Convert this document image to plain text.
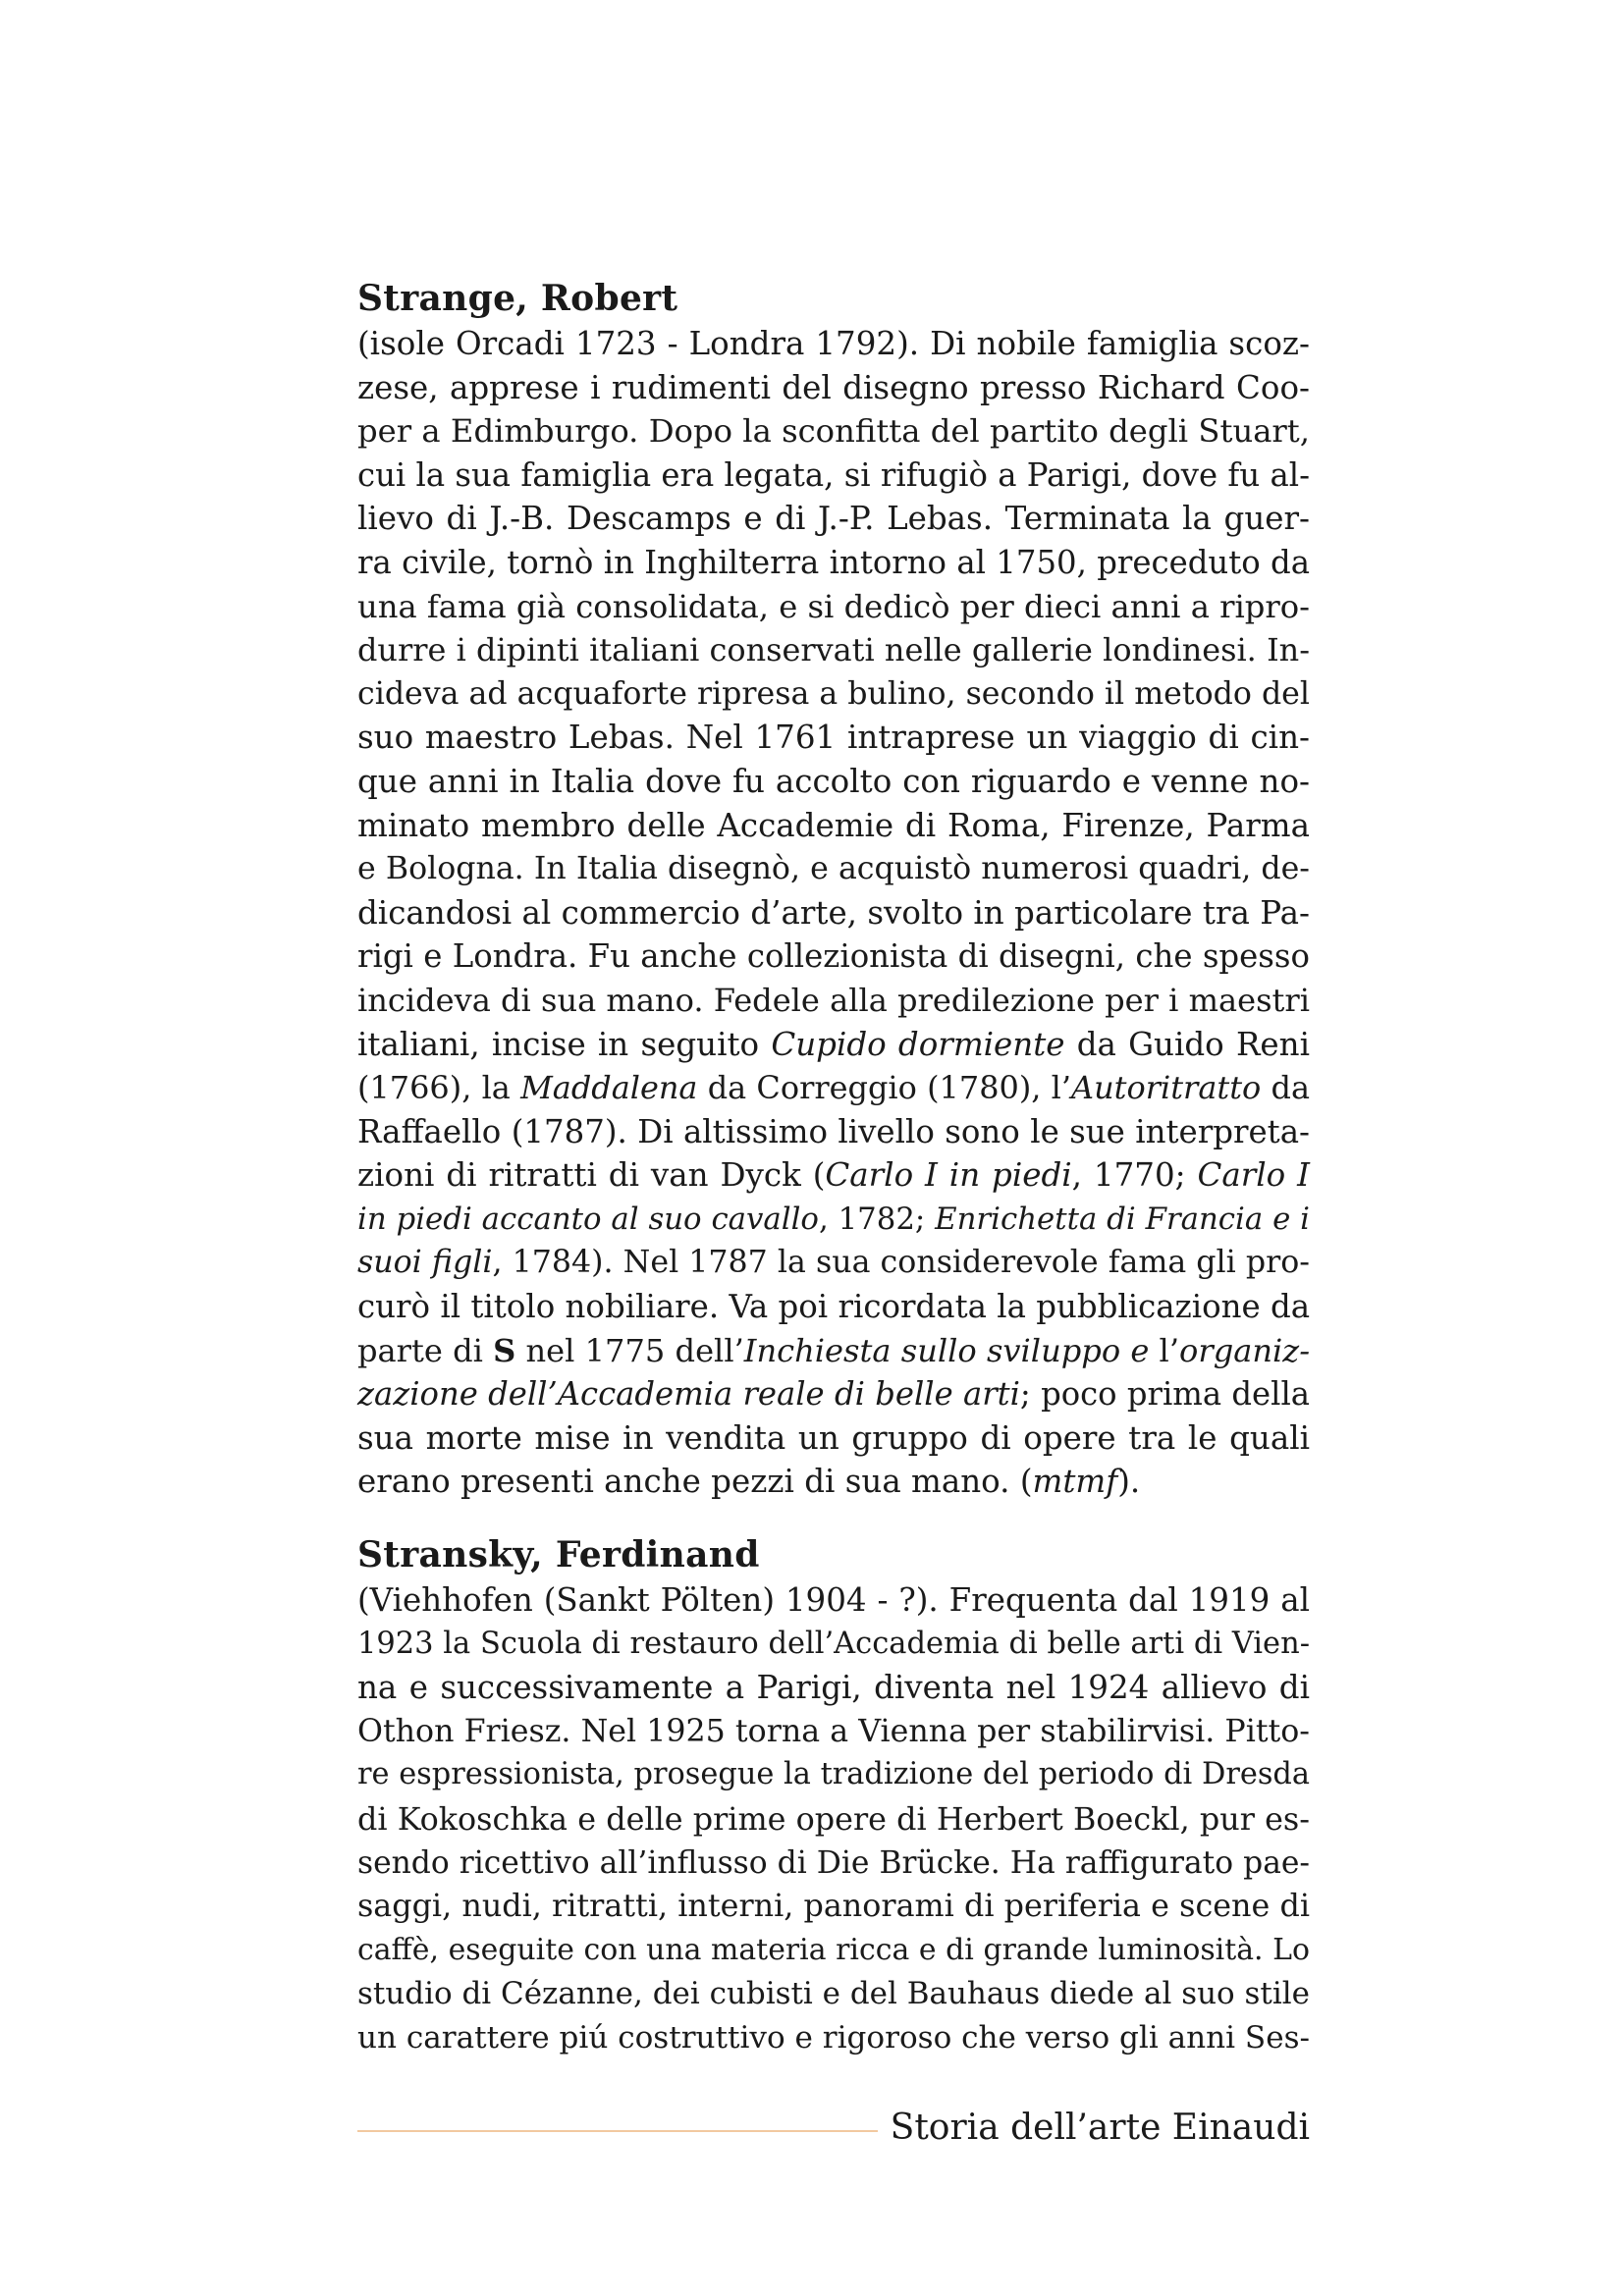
Strange, Robert
(isole Orcadi 1723 - Londra 1792). Di nobile famiglia scoz-
zese, apprese i rudimenti del disegno presso Richard Coo-
per a Edimburgo. Dopo la sconfitta del partito degli Stuart,
cui la sua famiglia era legata, si rifugiò a Parigi, dove fu al-
lievo di J.-B. Descamps e di J.-P. Lebas. Terminata la guer-
ra civile, tornò in Inghilterra intorno al 1750, preceduto da
una fama già consolidata, e si dedicò per dieci anni a ripro-
durre i dipinti italiani conservati nelle gallerie londinesi. In-
cideva ad acquaforte ripresa a bulino, secondo il metodo del
suo maestro Lebas. Nel 1761 intraprese un viaggio di cin-
que anni in Italia dove fu accolto con riguardo e venne no-
minato membro delle Accademie di Roma, Firenze, Parma
e Bologna. In Italia disegnò, e acquistò numerosi quadri, de-
dicandosi al commercio d’arte, svolto in particolare tra Pa-
rigi e Londra. Fu anche collezionista di disegni, che spesso
incideva di sua mano. Fedele alla predilezione per i maestri
italiani, incise in seguito Cupido dormiente da Guido Reni
(1766), la Maddalena da Correggio (1780), l’Autoritratto da
Raffaello (1787). Di altissimo livello sono le sue interpreta-
zioni di ritratti di van Dyck (Carlo I in piedi, 1770; Carlo I
in piedi accanto al suo cavallo, 1782; Enrichetta di Francia e i
suoi figli, 1784). Nel 1787 la sua considerevole fama gli pro-
curò il titolo nobiliare. Va poi ricordata la pubblicazione da
parte di S nel 1775 dell’Inchiesta sullo sviluppo e l’organiz-
zazione dell’Accademia reale di belle arti; poco prima della
sua morte mise in vendita un gruppo di opere tra le quali
erano presenti anche pezzi di sua mano. (mtmf).
Stransky, Ferdinand
(Viehhofen (Sankt Pölten) 1904 - ?). Frequenta dal 1919 al
1923 la Scuola di restauro dell’Accademia di belle arti di Vien-
na e successivamente a Parigi, diventa nel 1924 allievo di
Othon Friesz. Nel 1925 torna a Vienna per stabilirvisi. Pitto-
re espressionista, prosegue la tradizione del periodo di Dresda
di Kokoschka e delle prime opere di Herbert Boeckl, pur es-
sendo ricettivo all’influsso di Die Brücke. Ha raffigurato pae-
saggi, nudi, ritratti, interni, panorami di periferia e scene di
caffè, eseguite con una materia ricca e di grande luminosità. Lo
studio di Cézanne, dei cubisti e del Bauhaus diede al suo stile
un carattere piú costruttivo e rigoroso che verso gli anni Ses-
Storia dell’arte Einaudi
